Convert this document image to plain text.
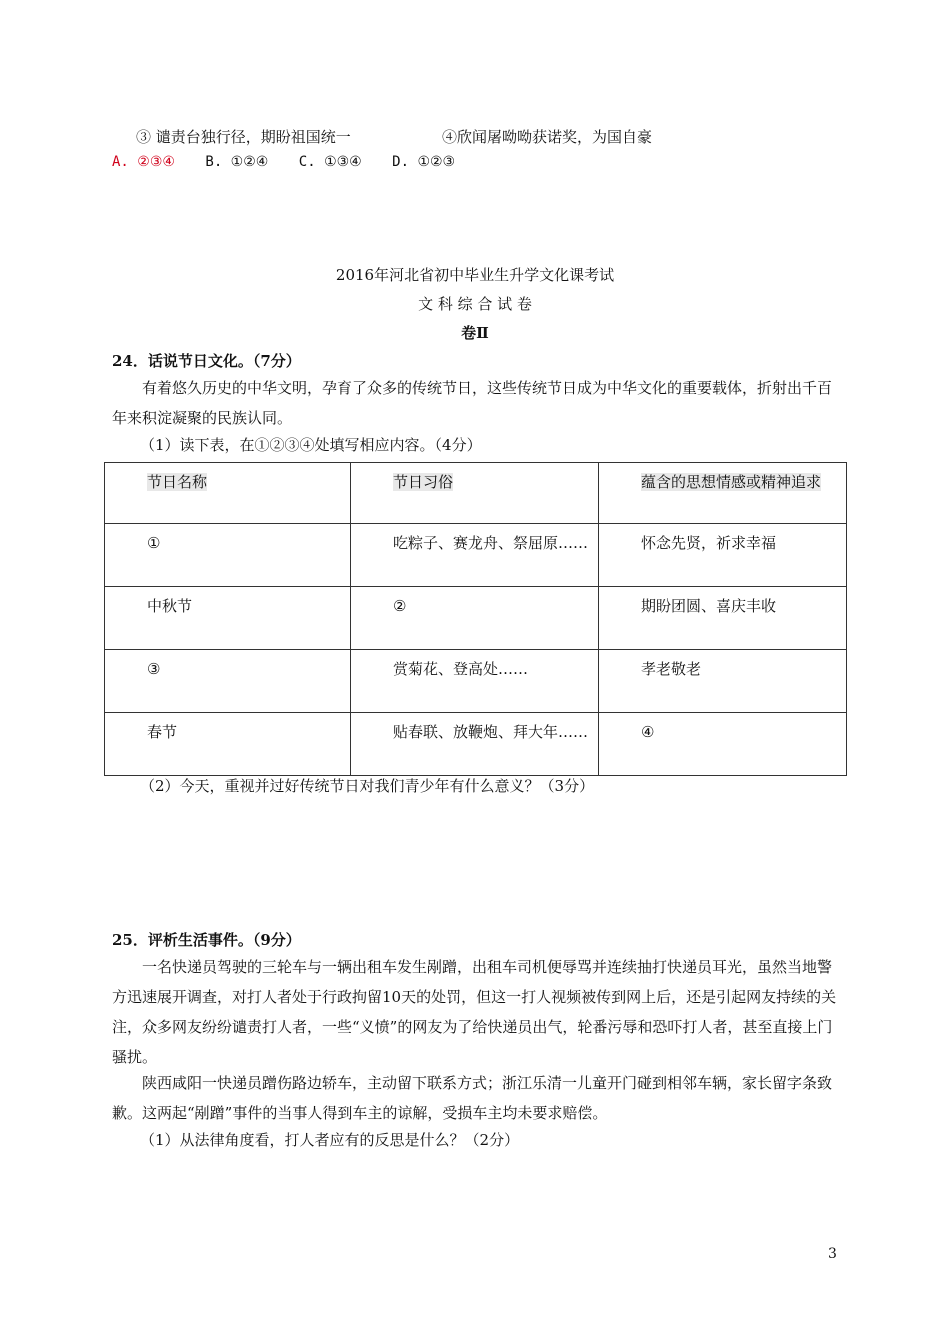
③ 谴责台独行径，期盼祖国统一	④欣闻屠呦呦获诺奖，为国自豪
A. ②③④ B. ①②④ C. ①③④ D. ①②③
2016年河北省初中毕业生升学文化课考试
文 科 综 合 试 卷
卷Ⅱ
24．话说节日文化。（7分）
有着悠久历史的中华文明，孕育了众多的传统节日，这些传统节日成为中华文化的重要载体，折射出千百年来积淀凝聚的民族认同。
（1）读下表，在①②③④处填写相应内容。（4分）
节日名称	节日习俗	蕴含的思想情感或精神追求

①	吃粽子、赛龙舟、祭屈原……	怀念先贤，祈求幸福

中秋节	②	期盼团圆、喜庆丰收

③	赏菊花、登高处……	孝老敬老

春节	贴春联、放鞭炮、拜大年……	④
（2）今天，重视并过好传统节日对我们青少年有什么意义？（3分）
25．评析生活事件。（9分）
一名快递员驾驶的三轮车与一辆出租车发生剐蹭，出租车司机便辱骂并连续抽打快递员耳光，虽然当地警方迅速展开调查，对打人者处于行政拘留10天的处罚，但这一打人视频被传到网上后，还是引起网友持续的关注，众多网友纷纷谴责打人者，一些“义愤”的网友为了给快递员出气，轮番污辱和恐吓打人者，甚至直接上门骚扰。
陕西咸阳一快递员蹭伤路边轿车，主动留下联系方式；浙江乐清一儿童开门碰到相邻车辆，家长留字条致歉。这两起“剐蹭”事件的当事人得到车主的谅解，受损车主均未要求赔偿。
（1）从法律角度看，打人者应有的反思是什么？（2分）
3
